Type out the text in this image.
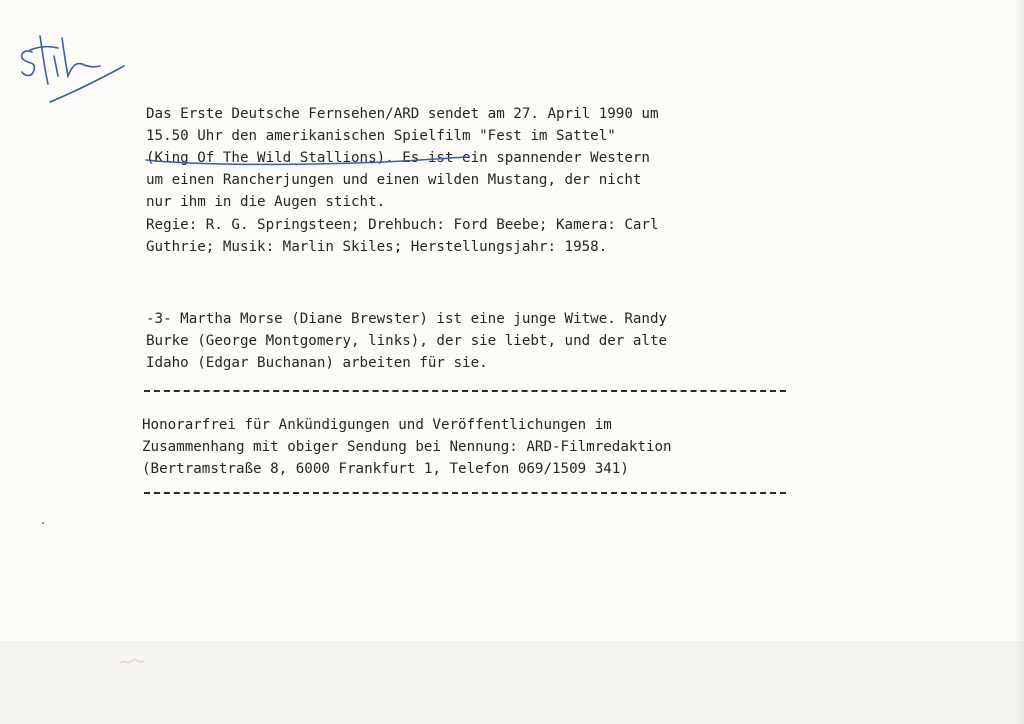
Das Erste Deutsche Fernsehen/ARD sendet am 27. April 1990 um
15.50 Uhr den amerikanischen Spielfilm "Fest im Sattel"
(King Of The Wild Stallions). Es ist ein spannender Western
um einen Rancherjungen und einen wilden Mustang, der nicht
nur ihm in die Augen sticht.
Regie: R. G. Springsteen; Drehbuch: Ford Beebe; Kamera: Carl
Guthrie; Musik: Marlin Skiles; Herstellungsjahr: 1958.
-3- Martha Morse (Diane Brewster) ist eine junge Witwe. Randy
Burke (George Montgomery, links), der sie liebt, und der alte
Idaho (Edgar Buchanan) arbeiten für sie.
Honorarfrei für Ankündigungen und Veröffentlichungen im
Zusammenhang mit obiger Sendung bei Nennung: ARD-Filmredaktion
(Bertramstraße 8, 6000 Frankfurt 1, Telefon 069/1509 341)
